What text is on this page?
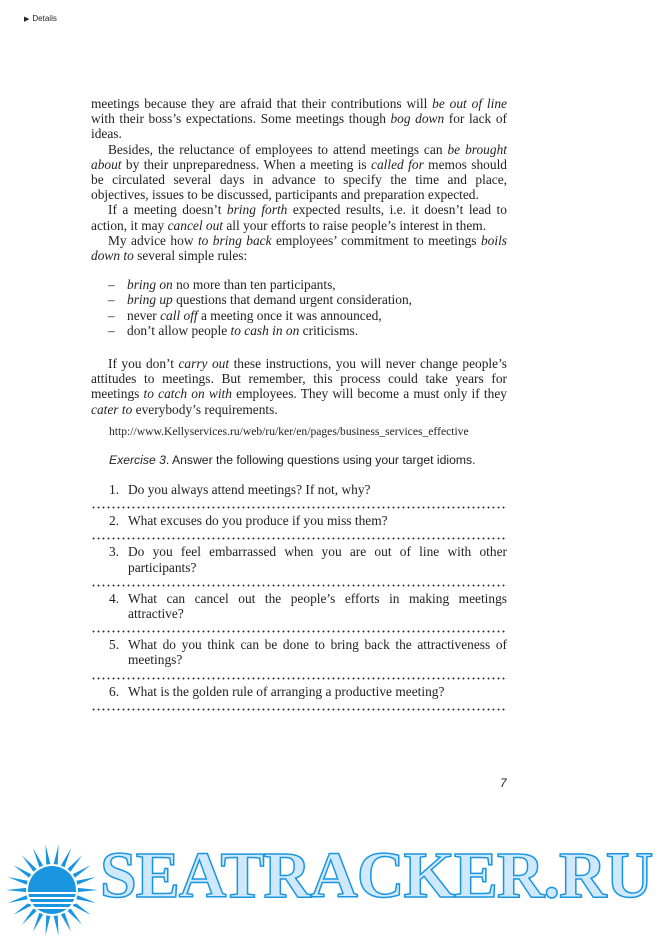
▶ Details

meetings because they are afraid that their contributions will be out of line with their boss’s expectations. Some meetings though bog down for lack of ideas.

Besides, the reluctance of employees to attend meetings can be brought about by their unpreparedness. When a meeting is called for memos should be circulated several days in advance to specify the time and place, objectives, issues to be discussed, participants and preparation expected.

If a meeting doesn’t bring forth expected results, i.e. it doesn’t lead to action, it may cancel out all your efforts to raise people’s interest in them.

My advice how to bring back employees’ commitment to meetings boils down to several simple rules:

– bring on no more than ten participants,
– bring up questions that demand urgent consideration,
– never call off a meeting once it was announced,
– don’t allow people to cash in on criticisms.

If you don’t carry out these instructions, you will never change people’s attitudes to meetings. But remember, this process could take years for meetings to catch on with employees. They will become a must only if they cater to everybody’s requirements.

http://www.Kellyservices.ru/web/ru/ker/en/pages/business_services_effective
Exercise 3. Answer the following questions using your target idioms.
1. Do you always attend meetings? If not, why?
2. What excuses do you produce if you miss them?
3. Do you feel embarrassed when you are out of line with other participants?
4. What can cancel out the people’s efforts in making meetings attractive?
5. What do you think can be done to bring back the attractiveness of meetings?
6. What is the golden rule of arranging a productive meeting?
7
SEATRACKER.RU
